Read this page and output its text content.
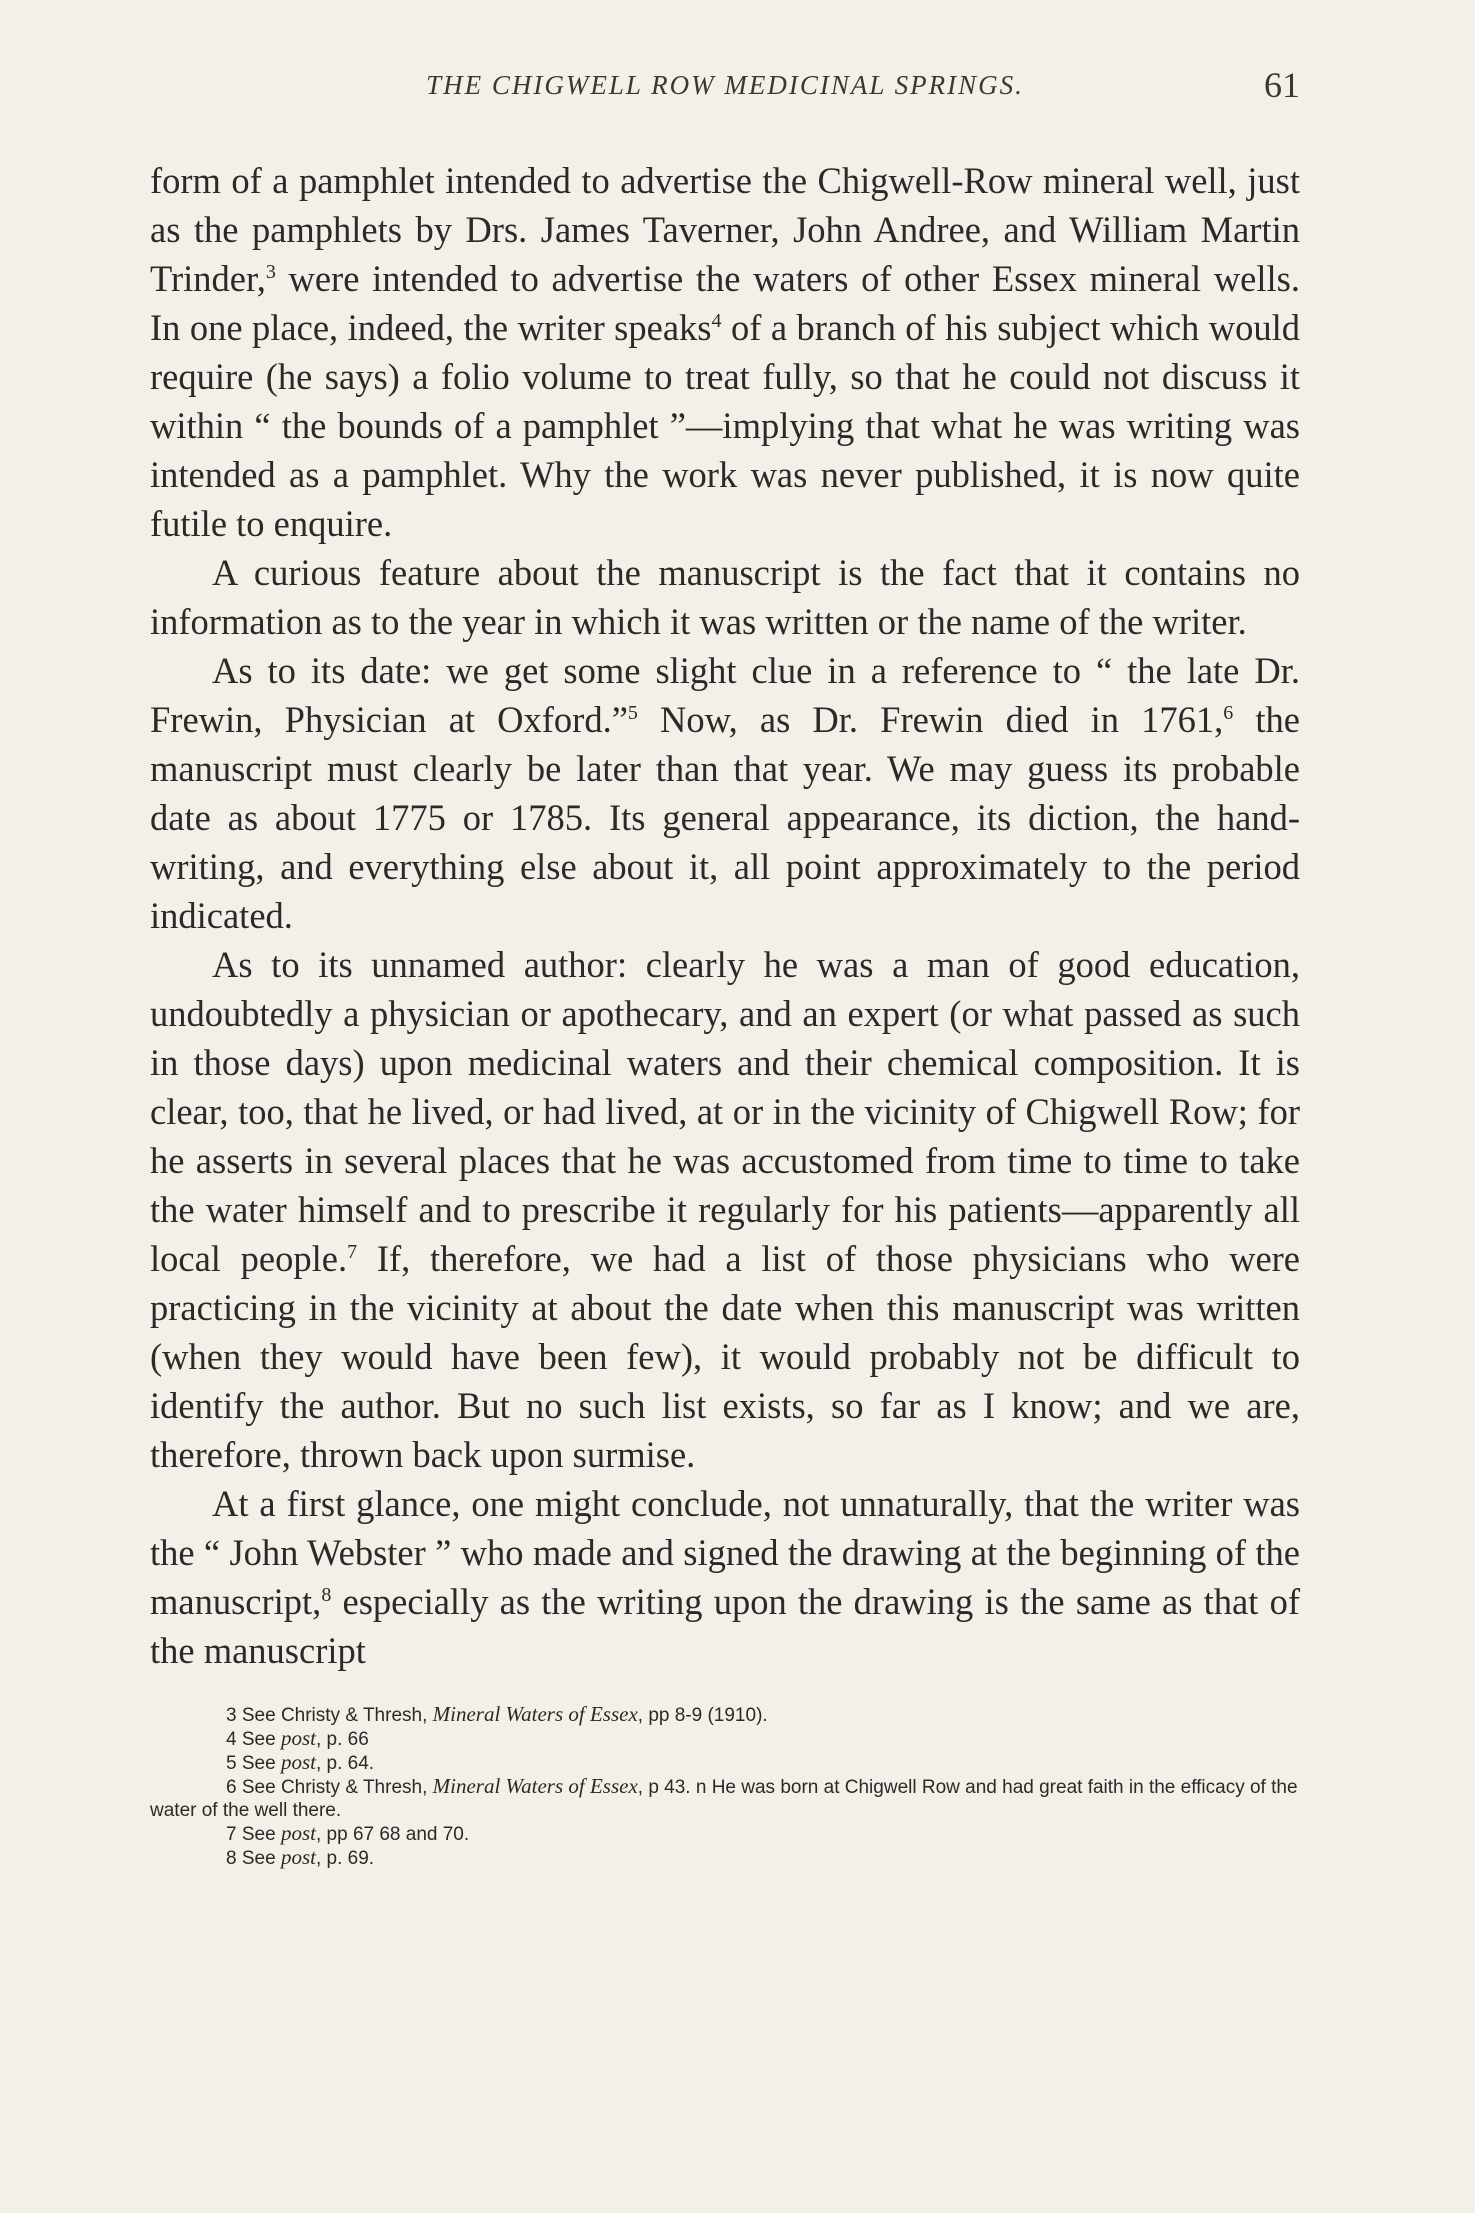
THE CHIGWELL ROW MEDICINAL SPRINGS.	61

form of a pamphlet intended to advertise the Chigwell-Row mineral well, just as the pamphlets by Drs. James Taverner, John Andree, and William Martin Trinder,$^3$ were intended to advertise the waters of other Essex mineral wells. In one place, indeed, the writer speaks$^4$ of a branch of his subject which would require (he says) a folio volume to treat fully, so that he could not discuss it within “ the bounds of a pamphlet ”—implying that what he was writing was intended as a pamphlet. Why the work was never published, it is now quite futile to enquire.

A curious feature about the manuscript is the fact that it contains no information as to the year in which it was written or the name of the writer.

As to its date: we get some slight clue in a reference to “ the late Dr. Frewin, Physician at Oxford.”$^5$ Now, as Dr. Frewin died in 1761,$^6$ the manuscript must clearly be later than that year. We may guess its probable date as about 1775 or 1785. Its general appearance, its diction, the hand-writing, and everything else about it, all point approximately to the period indicated.

As to its unnamed author: clearly he was a man of good education, undoubtedly a physician or apothecary, and an expert (or what passed as such in those days) upon medicinal waters and their chemical composition. It is clear, too, that he lived, or had lived, at or in the vicinity of Chigwell Row; for he asserts in several places that he was accustomed from time to time to take the water himself and to prescribe it regularly for his patients—apparently all local people.$^7$ If, therefore, we had a list of those physicians who were practicing in the vicinity at about the date when this manuscript was written (when they would have been few), it would probably not be difficult to identify the author. But no such list exists, so far as I know; and we are, therefore, thrown back upon surmise.

At a first glance, one might conclude, not unnaturally, that the writer was the “ John Webster ” who made and signed the drawing at the beginning of the manuscript,$^8$ especially as the writing upon the drawing is the same as that of the manuscript

3 See Christy & Thresh, Mineral Waters of Essex, pp 8-9 (1910).

4 See post, p. 66

5 See post, p. 64.

6 See Christy & Thresh, Mineral Waters of Essex, p 43. n He was born at Chigwell Row and had great faith in the efficacy of the water of the well there.

7 See post, pp 67 68 and 70.

8 See post, p. 69.
